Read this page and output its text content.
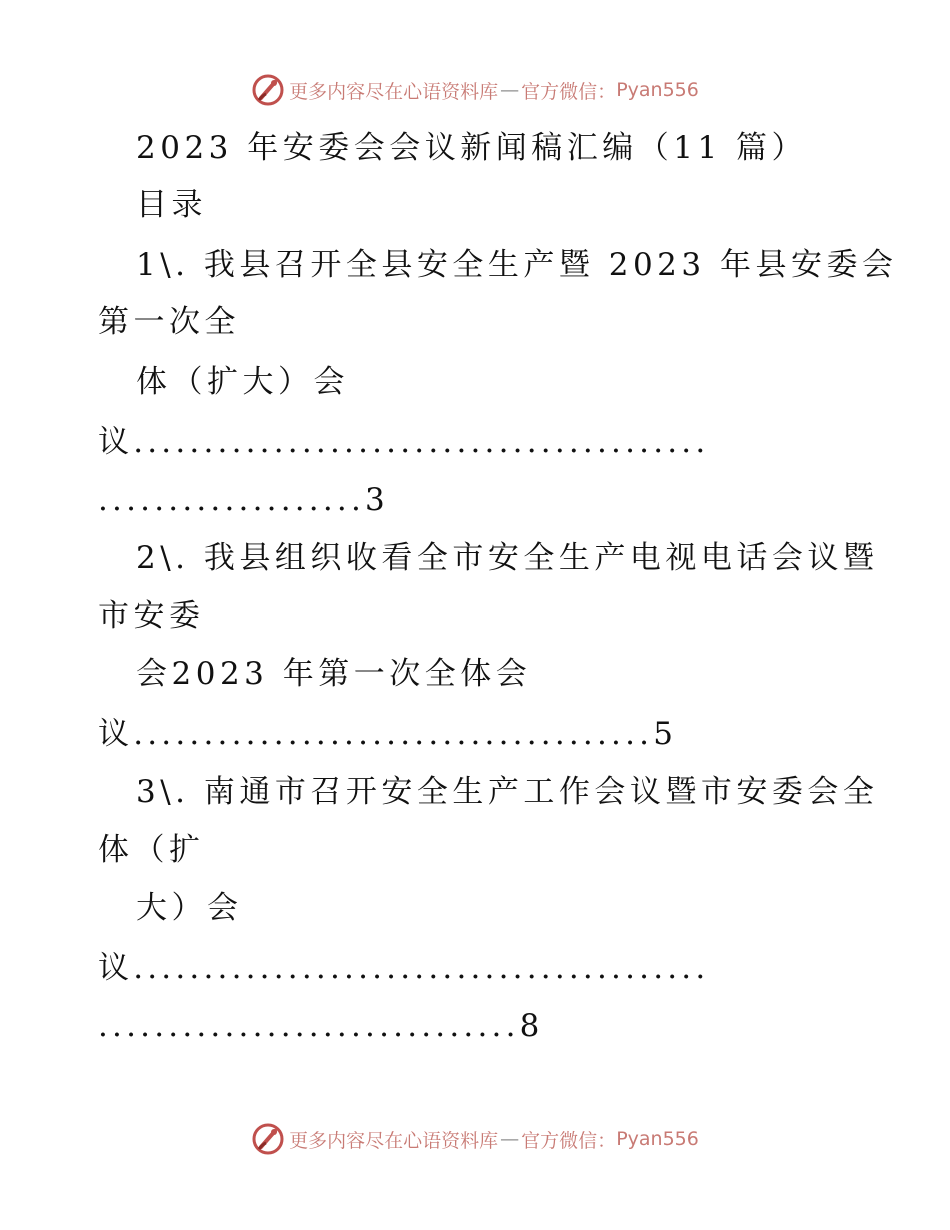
更多内容尽在心语资料库 — 官方微信： Pyan556
2023 年安委会会议新闻稿汇编（11 篇）
目录
1\. 我县召开全县安全生产暨 2023 年县安委会
第一次全
体（扩大）会
议.........................................
...................3
2\. 我县组织收看全市安全生产电视电话会议暨
市安委
会2023 年第一次全体会
议.....................................5
3\. 南通市召开安全生产工作会议暨市安委会全
体（扩
大）会
议.........................................
..............................8
更多内容尽在心语资料库 — 官方微信： Pyan556
